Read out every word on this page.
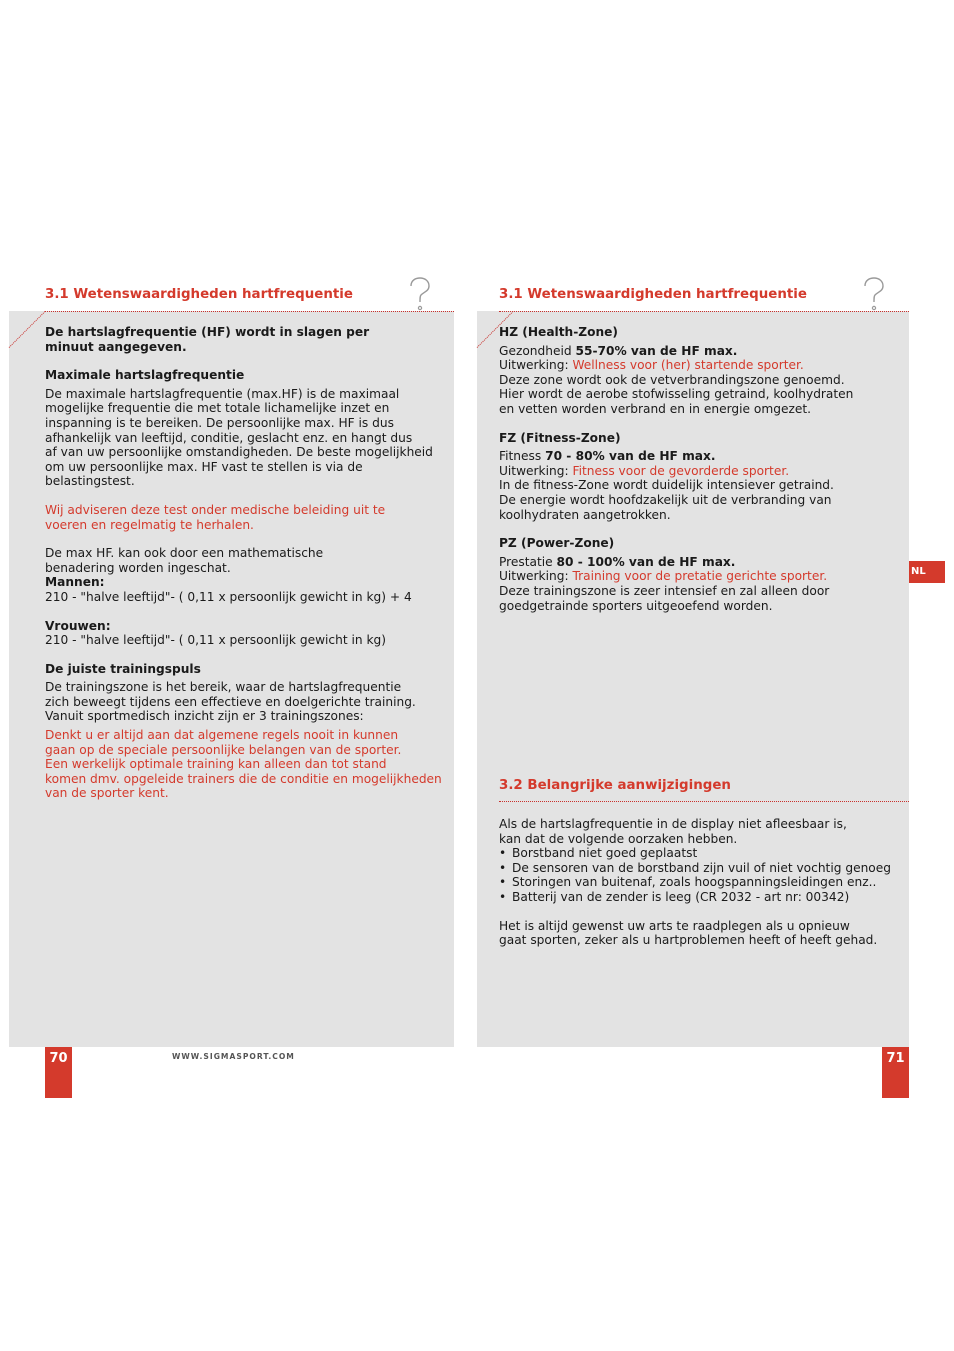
3.1 Wetenswaardigheden hartfrequentie

De hartslagfrequentie (HF) wordt in slagen per

minuut aangegeven.

Maximale hartslagfrequentie

De maximale hartslagfrequentie (max.HF) is de maximaal

mogelijke frequentie die met totale lichamelijke inzet en

inspanning is te bereiken. De persoonlijke max. HF is dus

afhankelijk van leeftijd, conditie, geslacht enz. en hangt dus

af van uw persoonlijke omstandigheden. De beste mogelijkheid

om uw persoonlijke max. HF vast te stellen is via de

belastingstest.

Wij adviseren deze test onder medische beleiding uit te

voeren en regelmatig te herhalen.

De max HF. kan ook door een mathematische

benadering worden ingeschat.

Mannen:

210 - "halve leeftijd"- ( 0,11 x persoonlijk gewicht in kg) + 4

Vrouwen:

210 - "halve leeftijd"- ( 0,11 x persoonlijk gewicht in kg)

De juiste trainingspuls

De trainingszone is het bereik, waar de hartslagfrequentie

zich beweegt tijdens een effectieve en doelgerichte training.

Vanuit sportmedisch inzicht zijn er 3 trainingszones:

Denkt u er altijd aan dat algemene regels nooit in kunnen

gaan op de speciale persoonlijke belangen van de sporter.

Een werkelijk optimale training kan alleen dan tot stand

komen dmv. opgeleide trainers die de conditie en mogelijkheden

van de sporter kent.

70	WWW.SIGMASPORT.COM
3.1 Wetenswaardigheden hartfrequentie

HZ (Health-Zone)

Gezondheid 55-70% van de HF max.

Uitwerking: Wellness voor (her) startende sporter.

Deze zone wordt ook de vetverbrandingszone genoemd.

Hier wordt de aerobe stofwisseling getraind, koolhydraten

en vetten worden verbrand en in energie omgezet.

FZ (Fitness-Zone)

Fitness 70 - 80% van de HF max.

Uitwerking: Fitness voor de gevorderde sporter.

In de fitness-Zone wordt duidelijk intensiever getraind.

De energie wordt hoofdzakelijk uit de verbranding van

koolhydraten aangetrokken.

PZ (Power-Zone)

Prestatie 80 - 100% van de HF max.

Uitwerking: Training voor de pretatie gerichte sporter.

Deze trainingszone is zeer intensief en zal alleen door

goedgetrainde sporters uitgeoefend worden.

3.2 Belangrijke aanwijzigingen

Als de hartslagfrequentie in de display niet afleesbaar is,

kan dat de volgende oorzaken hebben.

• Borstband niet goed geplaatst
• De sensoren van de borstband zijn vuil of niet vochtig genoeg
• Storingen van buitenaf, zoals hoogspanningsleidingen enz..
• Batterij van de zender is leeg (CR 2032 - art nr: 00342)

Het is altijd gewenst uw arts te raadplegen als u opnieuw

gaat sporten, zeker als u hartproblemen heeft of heeft gehad.

71
NL
